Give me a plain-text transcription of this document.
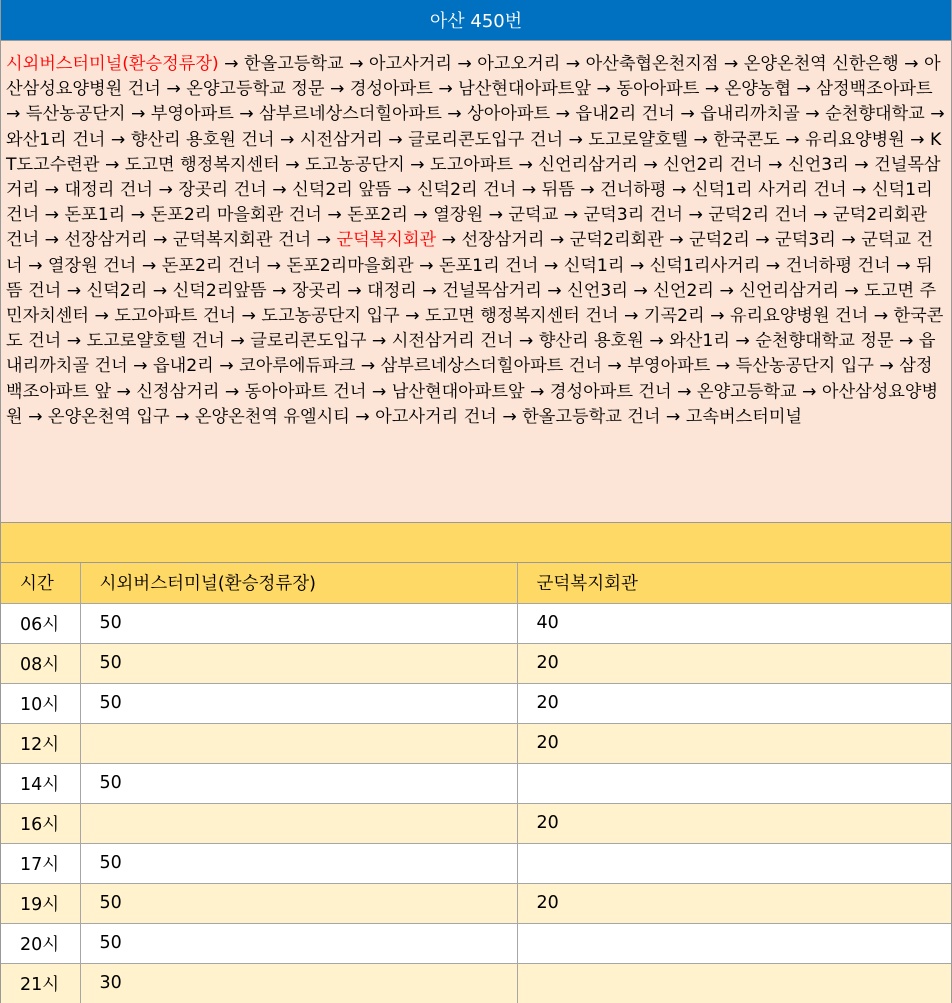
아산 450번
시외버스터미널(환승정류장) → 한올고등학교 → 아고사거리 → 아고오거리 → 아산축협온천지점 → 온양온천역 신한은행 → 아산삼성요양병원 건너 → 온양고등학교 정문 → 경성아파트 → 남산현대아파트앞 → 동아아파트 → 온양농협 → 삼정백조아파트 → 득산농공단지 → 부영아파트 → 삼부르네상스더힐아파트 → 상아아파트 → 읍내2리 건너 → 읍내리까치골 → 순천향대학교 → 와산1리 건너 → 향산리 용호원 건너 → 시전삼거리 → 글로리콘도입구 건너 → 도고로얄호텔 → 한국콘도 → 유리요양병원 → KT도고수련관 → 도고면 행정복지센터 → 도고농공단지 → 도고아파트 → 신언리삼거리 → 신언2리 건너 → 신언3리 → 건널목삼거리 → 대정리 건너 → 장곳리 건너 → 신덕2리 앞뜸 → 신덕2리 건너 → 뒤뜸 → 건너하평 → 신덕1리 사거리 건너 → 신덕1리 건너 → 돈포1리 → 돈포2리 마을회관 건너 → 돈포2리 → 열장원 → 군덕교 → 군덕3리 건너 → 군덕2리 건너 → 군덕2리회관 건너 → 선장삼거리 → 군덕복지회관 건너 → 군덕복지회관 → 선장삼거리 → 군덕2리회관 → 군덕2리 → 군덕3리 → 군덕교 건너 → 열장원 건너 → 돈포2리 건너 → 돈포2리마을회관 → 돈포1리 건너 → 신덕1리 → 신덕1리사거리 → 건너하평 건너 → 뒤뜸 건너 → 신덕2리 → 신덕2리앞뜸 → 장곳리 → 대정리 → 건널목삼거리 → 신언3리 → 신언2리 → 신언리삼거리 → 도고면 주민자치센터 → 도고아파트 건너 → 도고농공단지 입구 → 도고면 행정복지센터 건너 → 기곡2리 → 유리요양병원 건너 → 한국콘도 건너 → 도고로얄호텔 건너 → 글로리콘도입구 → 시전삼거리 건너 → 향산리 용호원 → 와산1리 → 순천향대학교 정문 → 읍내리까치골 건너 → 읍내2리 → 코아루에듀파크 → 삼부르네상스더힐아파트 건너 → 부영아파트 → 득산농공단지 입구 → 삼정백조아파트 앞 → 신정삼거리 → 동아아파트 건너 → 남산현대아파트앞 → 경성아파트 건너 → 온양고등학교 → 아산삼성요양병원 → 온양온천역 입구 → 온양온천역 유엘시티 → 아고사거리 건너 → 한올고등학교 건너 → 고속버스터미널
시간	시외버스터미널(환승정류장)	군덕복지회관
06시	50	40
08시	50	20
10시	50	20
12시		20
14시	50	
16시		20
17시	50	
19시	50	20
20시	50	
21시	30	
